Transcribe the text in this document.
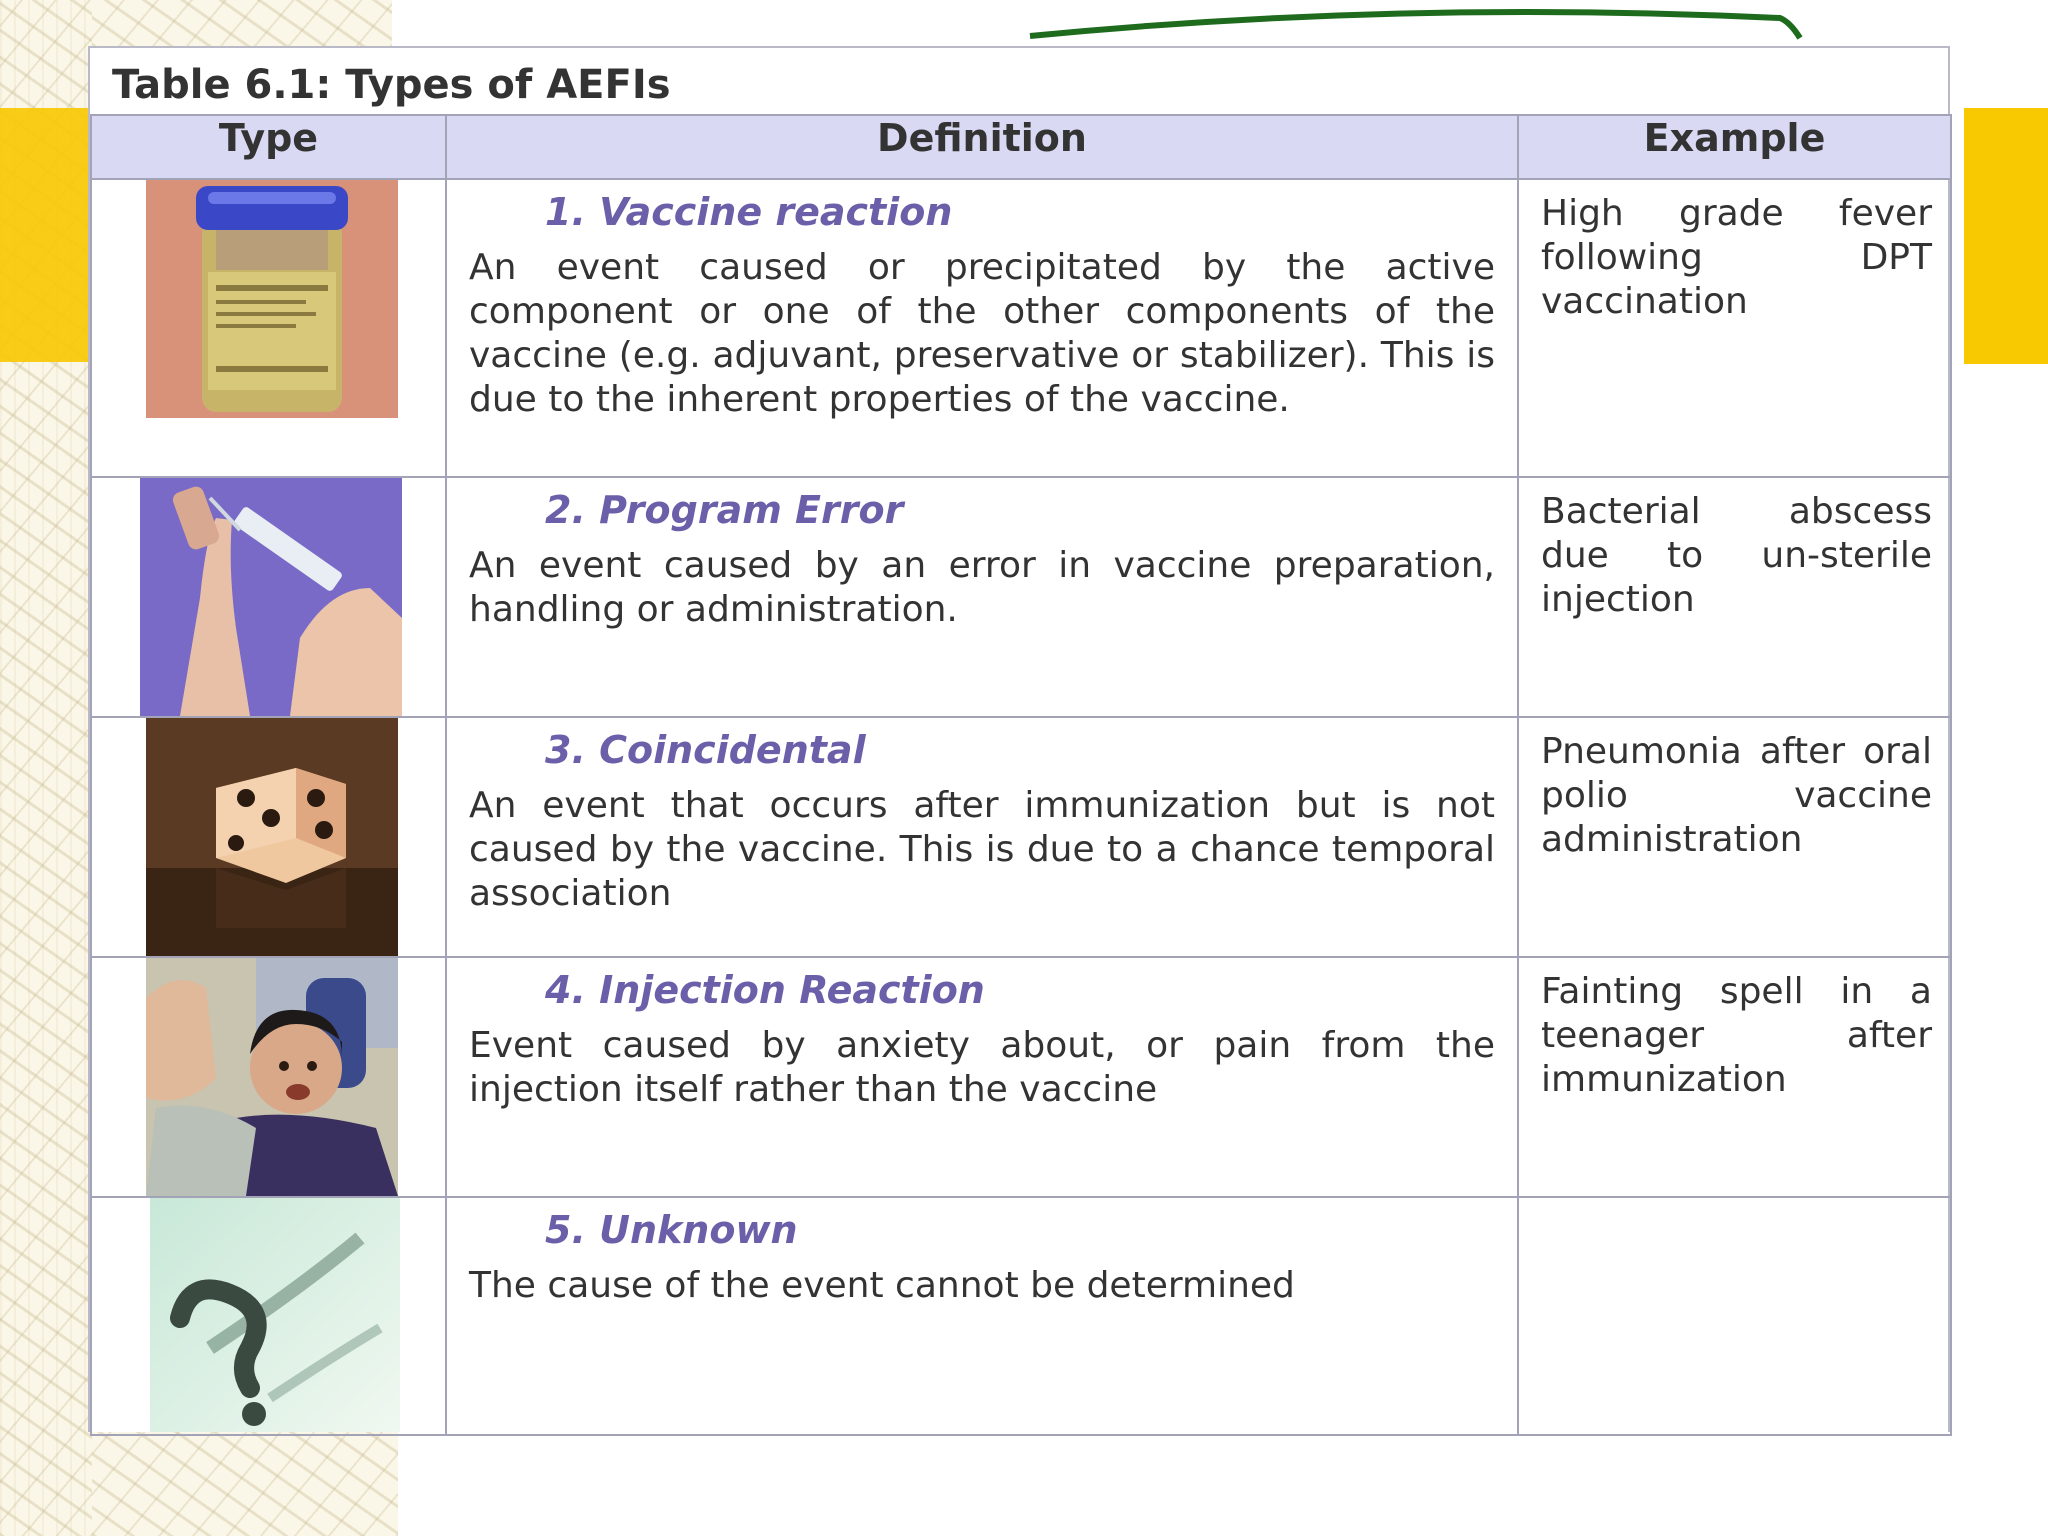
Table 6.1: Types of AEFIs
Type	Definition	Example

1. Vaccine reaction
An event caused or precipitated by the active component or one of the other components of the vaccine (e.g. adjuvant, preservative or stabilizer). This is due to the inherent properties of the vaccine.	High grade fever following DPT vaccination

2. Program Error
An event caused by an error in vaccine preparation, handling or administration.	Bacterial abscess due to un-sterile injection

3. Coincidental
An event that occurs after immunization but is not caused by the vaccine. This is due to a chance temporal association	Pneumonia after oral polio vaccine administration

4. Injection Reaction
Event caused by anxiety about, or pain from the injection itself rather than the vaccine	Fainting spell in a teenager after immunization

5. Unknown
The cause of the event cannot be determined	
